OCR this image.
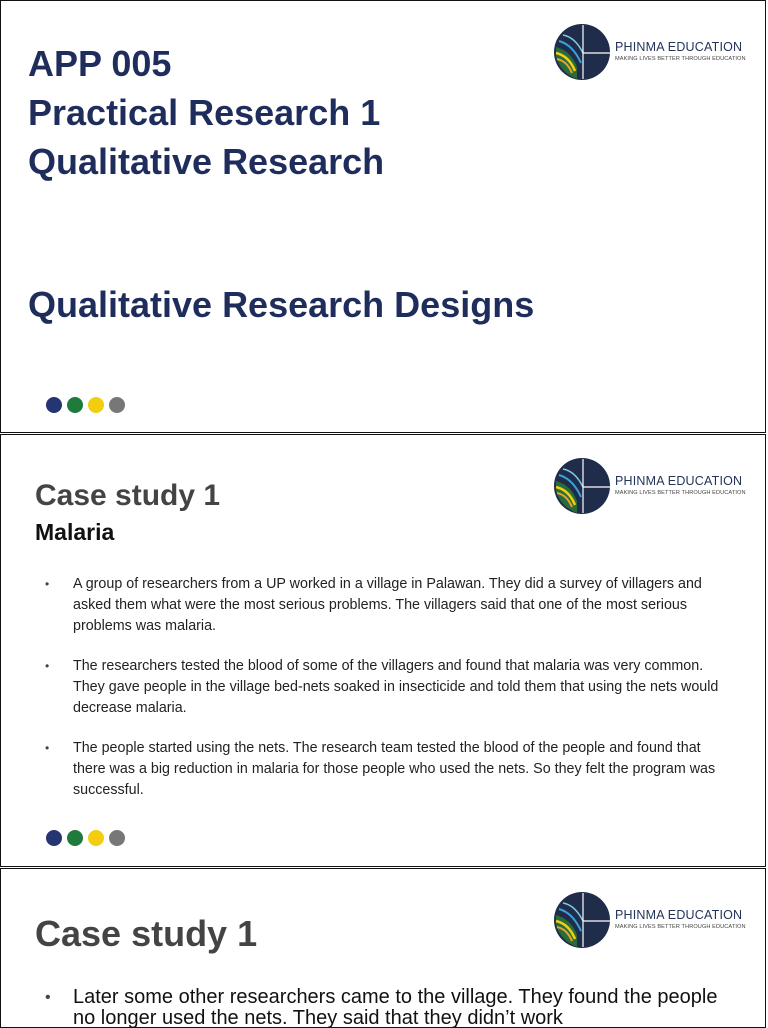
PHINMA EDUCATION
MAKING LIVES BETTER THROUGH EDUCATION
APP 005
Practical Research 1
Qualitative Research
Qualitative Research Designs
PHINMA EDUCATION
MAKING LIVES BETTER THROUGH EDUCATION
Case study 1
Malaria
• A group of researchers from a UP worked in a village in Palawan. They did a survey of villagers and asked them what were the most serious problems. The villagers said that one of the most serious problems was malaria.
• The researchers tested the blood of some of the villagers and found that malaria was very common. They gave people in the village bed-nets soaked in insecticide and told them that using the nets would decrease malaria.
• The people started using the nets. The research team tested the blood of the people and found that there was a big reduction in malaria for those people who used the nets. So they felt the program was successful.
PHINMA EDUCATION
MAKING LIVES BETTER THROUGH EDUCATION
Case study 1
• Later some other researchers came to the village. They found the people no longer used the nets. They said that they didn’t work
